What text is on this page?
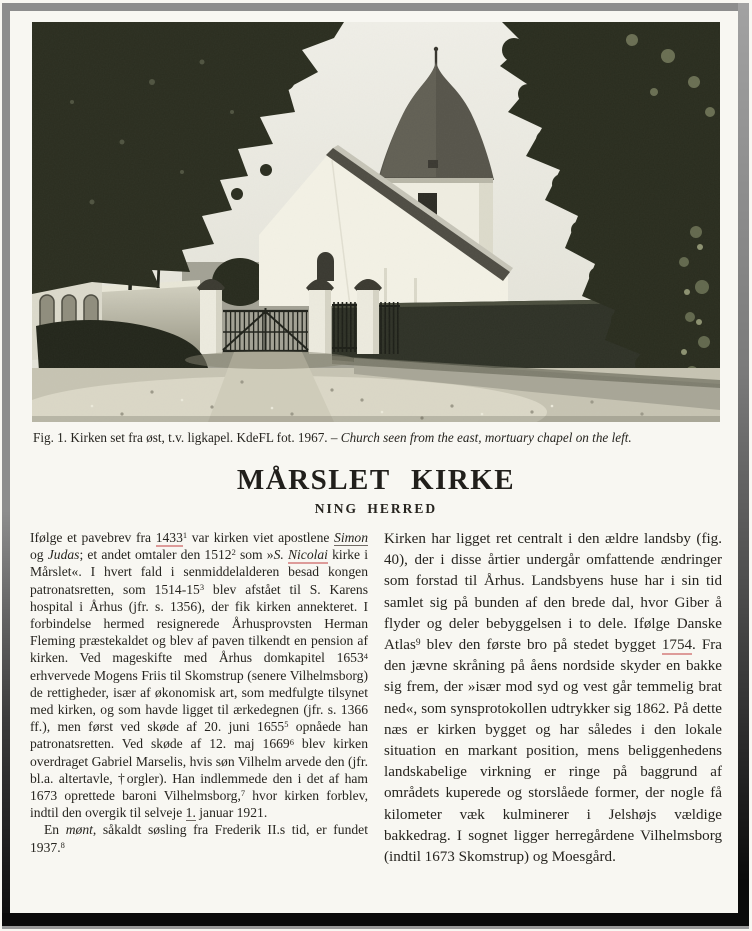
Fig. 1. Kirken set fra øst, t.v. ligkapel. KdeFL fot. 1967. – Church seen from the east, mortuary chapel on the left.
MÅRSLET KIRKE
NING HERRED

Ifølge et pavebrev fra 1433$^1$ var kirken viet apostlene Simon og Judas; et andet omtaler den 1512$^2$ som »S. Nicolai kirke i Mårslet«. I hvert fald i senmiddelalderen besad kongen patronatsretten, som $1514-15^3$ blev afstået til S. Karens hospital i Århus (jfr. s. 1356), der fik kirken annekteret. I forbindelse hermed resignerede Århusprovsten Herman Fleming præstekaldet og blev af paven tilkendt en pension af kirken. Ved mageskifte med Århus domkapitel 1653$^4$ erhvervede Mogens Friis til Skomstrup (senere Vilhelmsborg) de rettigheder, især af økonomisk art, som medfulgte tilsynet med kirken, og som havde ligget til ærkedegnen (jfr. s. 1366 ff.), men først ved skøde af 20. juni 1655$^5$ opnåede han patronatsretten. Ved skøde af 12. maj 1669$^6$ blev kirken overdraget Gabriel Marselis, hvis søn Vilhelm arvede den (jfr. bl.a. altertavle, †orgler). Han indlemmede den i det af ham 1673 oprettede baroni Vilhelmsborg,$^7$ hvor kirken forblev, indtil den overgik til selveje 1. januar 1921.

En mønt, såkaldt søsling fra Frederik II.s tid, er fundet 1937.$^8$

Kirken har ligget ret centralt i den ældre landsby (fig. 40), der i disse årtier undergår omfattende ændringer som forstad til Århus. Landsbyens huse har i sin tid samlet sig på bunden af den brede dal, hvor Giber å flyder og deler bebyggelsen i to dele. Ifølge Danske Atlas$^9$ blev den første bro på stedet bygget 1754. Fra den jævne skråning på åens nordside skyder en bakke sig frem, der »især mod syd og vest går temmelig brat ned«, som synsprotokollen udtrykker sig 1862. På dette næs er kirken bygget og har således i den lokale situation en markant position, mens beliggenhedens landskabelige virkning er ringe på baggrund af områdets kuperede og storslåede former, der nogle få kilometer væk kulminerer i Jelshøjs vældige bakkedrag. I sognet ligger herregårdene Vilhelmsborg (indtil 1673 Skomstrup) og Moesgård.
